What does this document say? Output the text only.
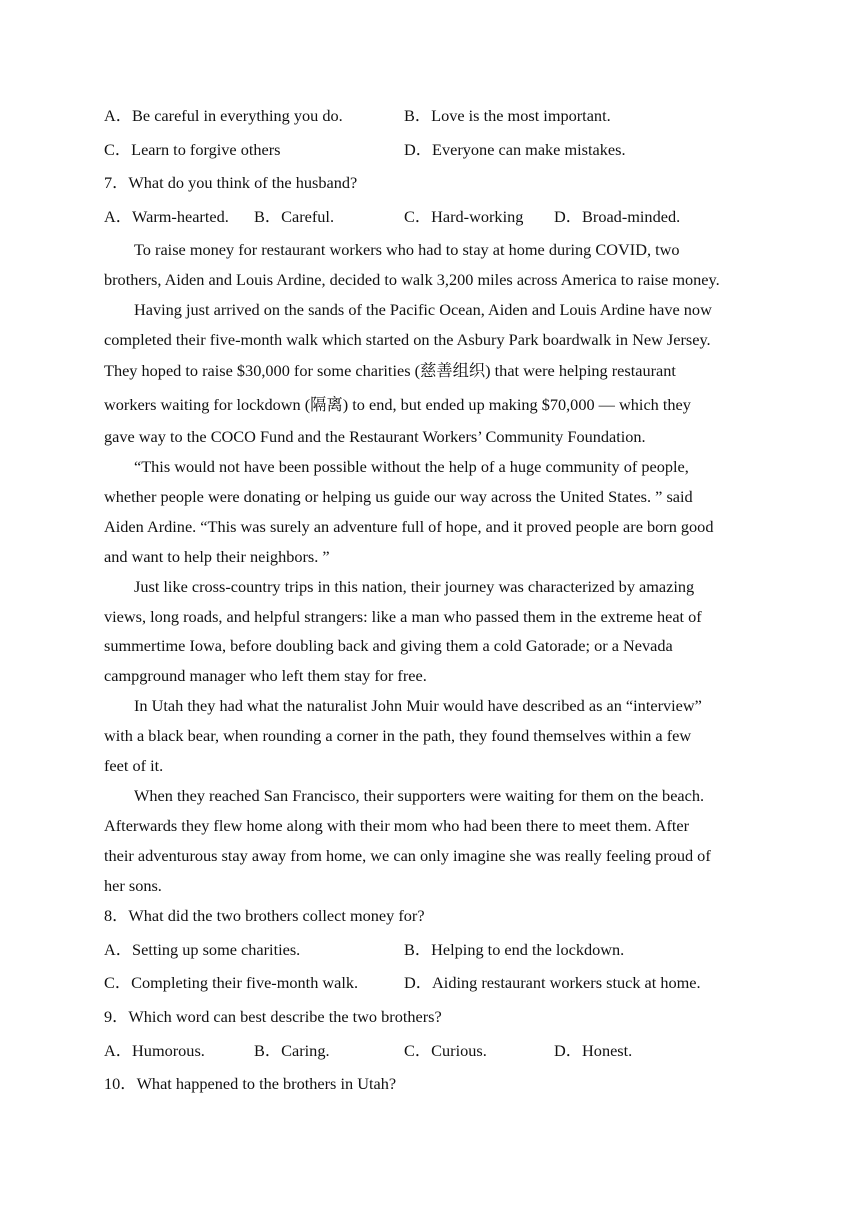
A．Be careful in everything you do.	B．Love is the most important.
C．Learn to forgive others	D．Everyone can make mistakes.
7．What do you think of the husband?
A．Warm-hearted. B．Careful.	C．Hard-working D．Broad-minded.
To raise money for restaurant workers who had to stay at home during COVID, two
brothers, Aiden and Louis Ardine, decided to walk 3,200 miles across America to raise money.
Having just arrived on the sands of the Pacific Ocean, Aiden and Louis Ardine have now
completed their five-month walk which started on the Asbury Park boardwalk in New Jersey.
They hoped to raise $30,000 for some charities (慈善组织) that were helping restaurant
workers waiting for lockdown (隔离) to end, but ended up making $70,000 — which they
gave way to the COCO Fund and the Restaurant Workers’ Community Foundation.
“This would not have been possible without the help of a huge community of people,
whether people were donating or helping us guide our way across the United States. ” said
Aiden Ardine. “This was surely an adventure full of hope, and it proved people are born good
and want to help their neighbors. ”
Just like cross-country trips in this nation, their journey was characterized by amazing
views, long roads, and helpful strangers: like a man who passed them in the extreme heat of
summertime Iowa, before doubling back and giving them a cold Gatorade; or a Nevada
campground manager who left them stay for free.
In Utah they had what the naturalist John Muir would have described as an “interview”
with a black bear, when rounding a corner in the path, they found themselves within a few
feet of it.
When they reached San Francisco, their supporters were waiting for them on the beach.
Afterwards they flew home along with their mom who had been there to meet them. After
their adventurous stay away from home, we can only imagine she was really feeling proud of
her sons.
8．What did the two brothers collect money for?
A．Setting up some charities.	B．Helping to end the lockdown.
C．Completing their five-month walk.	D．Aiding restaurant workers stuck at home.
9．Which word can best describe the two brothers?
A．Humorous.	B．Caring.	C．Curious.	D．Honest.
10．What happened to the brothers in Utah?
